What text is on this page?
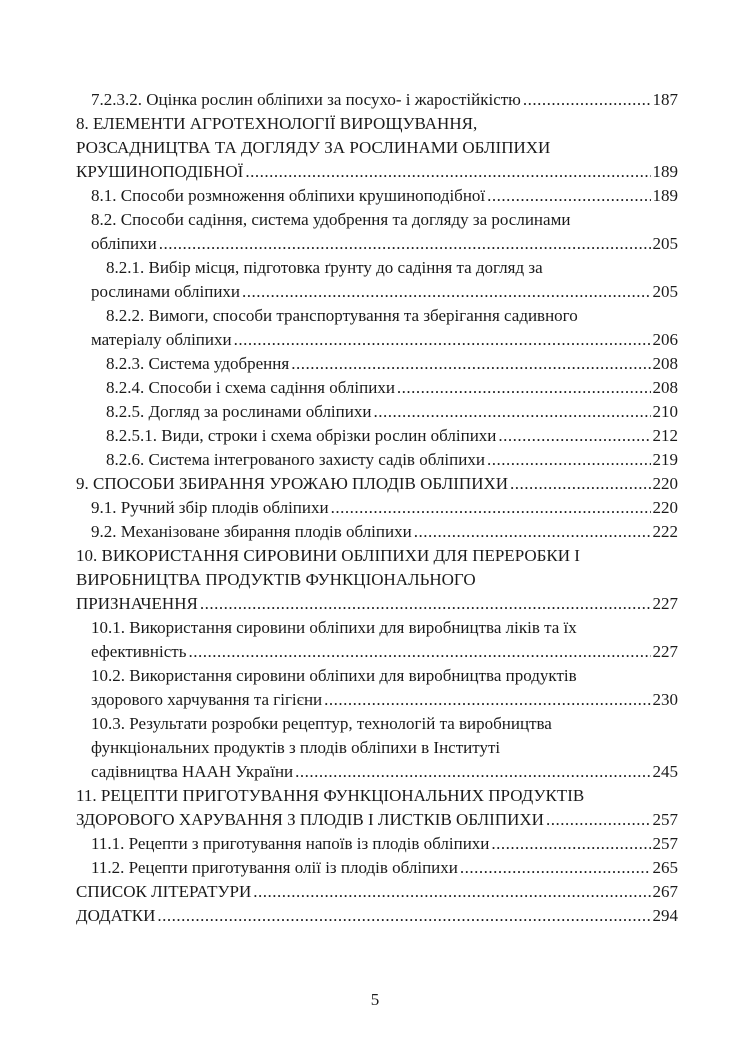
7.2.3.2. Оцінка рослин обліпихи за посухо- і жаростійкістю .....	187
8. ЕЛЕМЕНТИ АГРОТЕХНОЛОГІЇ ВИРОЩУВАННЯ,
РОЗСАДНИЦТВА ТА ДОГЛЯДУ ЗА РОСЛИНАМИ ОБЛІПИХИ
КРУШИНОПОДІБНОЇ .....	189
8.1. Способи розмноження обліпихи крушиноподібної .....	189
8.2. Способи садіння, система удобрення та догляду за рослинами
обліпихи .....	205
8.2.1. Вибір місця, підготовка ґрунту до садіння та догляд за
рослинами обліпихи .....	205
8.2.2. Вимоги, способи транспортування та зберігання садивного
матеріалу обліпихи .....	206
8.2.3. Система удобрення .....	208
8.2.4. Способи і схема садіння обліпихи .....	208
8.2.5. Догляд за рослинами обліпихи .....	210
8.2.5.1. Види, строки і схема обрізки рослин обліпихи .....	212
8.2.6. Система інтегрованого захисту садів обліпихи .....	219
9. СПОСОБИ ЗБИРАННЯ УРОЖАЮ ПЛОДІВ ОБЛІПИХИ .....	220
9.1. Ручний збір плодів обліпихи .....	220
9.2. Механізоване збирання плодів обліпихи .....	222
10. ВИКОРИСТАННЯ СИРОВИНИ ОБЛІПИХИ ДЛЯ ПЕРЕРОБКИ І
ВИРОБНИЦТВА ПРОДУКТІВ ФУНКЦІОНАЛЬНОГО
ПРИЗНАЧЕННЯ .....	227
10.1. Використання сировини обліпихи для виробництва ліків та їх
ефективність .....	227
10.2. Використання сировини обліпихи для виробництва продуктів
здорового харчування та гігієни .....	230
10.3. Результати розробки рецептур, технологій та виробництва
функціональних продуктів з плодів обліпихи в Інституті
садівництва НААН України .....	245
11. РЕЦЕПТИ ПРИГОТУВАННЯ ФУНКЦІОНАЛЬНИХ ПРОДУКТІВ
ЗДОРОВОГО ХАРУВАННЯ З ПЛОДІВ І ЛИСТКІВ ОБЛІПИХИ .....	257
11.1. Рецепти з приготування напоїв із плодів обліпихи .....	257
11.2. Рецепти приготування олії із плодів обліпихи .....	265
СПИСОК ЛІТЕРАТУРИ .....	267
ДОДАТКИ .....	294
5
